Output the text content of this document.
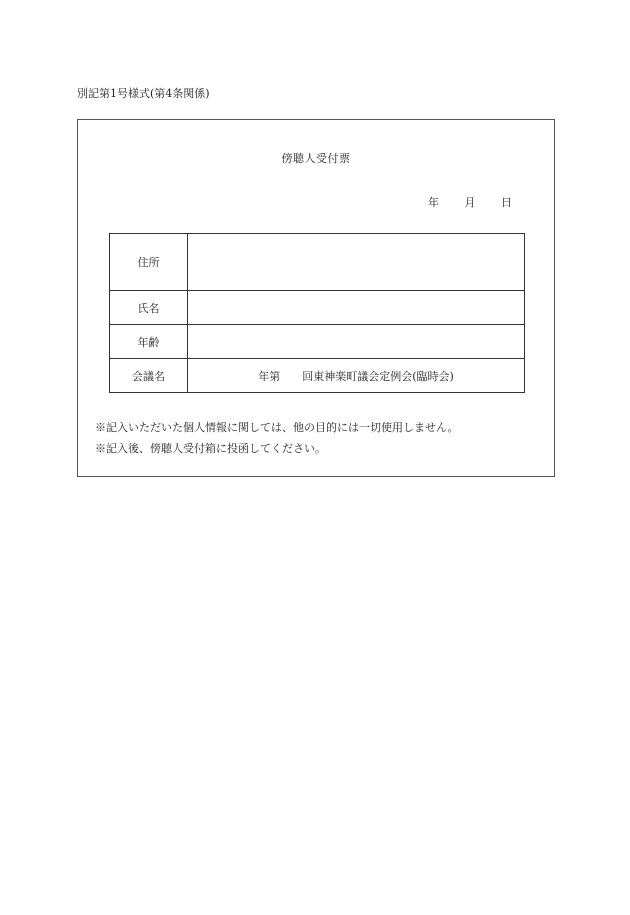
別記第1号様式(第4条関係)
傍聴人受付票
年 月 日
住所	
氏名	
年齢	
会議名	年第 回東神楽町議会定例会(臨時会)
※記入いただいた個人情報に関しては、他の目的には一切使用しません。
※記入後、傍聴人受付箱に投函してください。
